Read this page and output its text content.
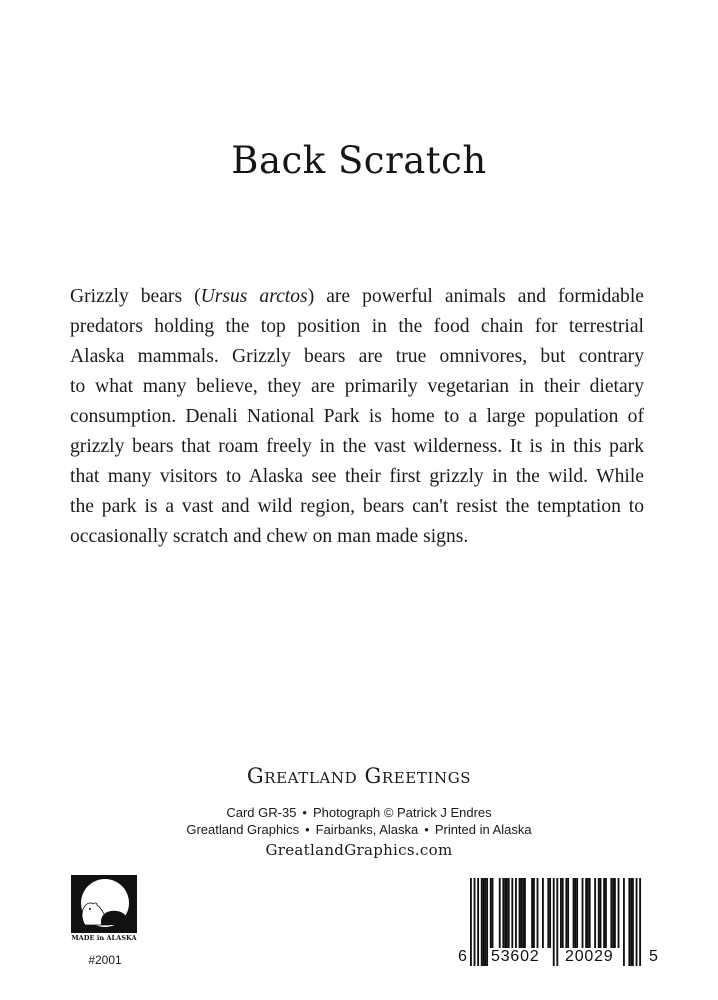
Back Scratch
Grizzly bears (Ursus arctos) are powerful animals and formidable
predators holding the top position in the food chain for terrestrial
Alaska mammals. Grizzly bears are true omnivores, but contrary
to what many believe, they are primarily vegetarian in their dietary
consumption. Denali National Park is home to a large population of
grizzly bears that roam freely in the vast wilderness. It is in this park
that many visitors to Alaska see their first grizzly in the wild. While
the park is a vast and wild region, bears can't resist the temptation to
occasionally scratch and chew on man made signs.
Greatland Greetings
Card GR-35 • Photograph © Patrick J Endres
Greatland Graphics • Fairbanks, Alaska • Printed in Alaska
GreatlandGraphics.com
MADE in ALASKA
#2001	6 53602 20029 5
